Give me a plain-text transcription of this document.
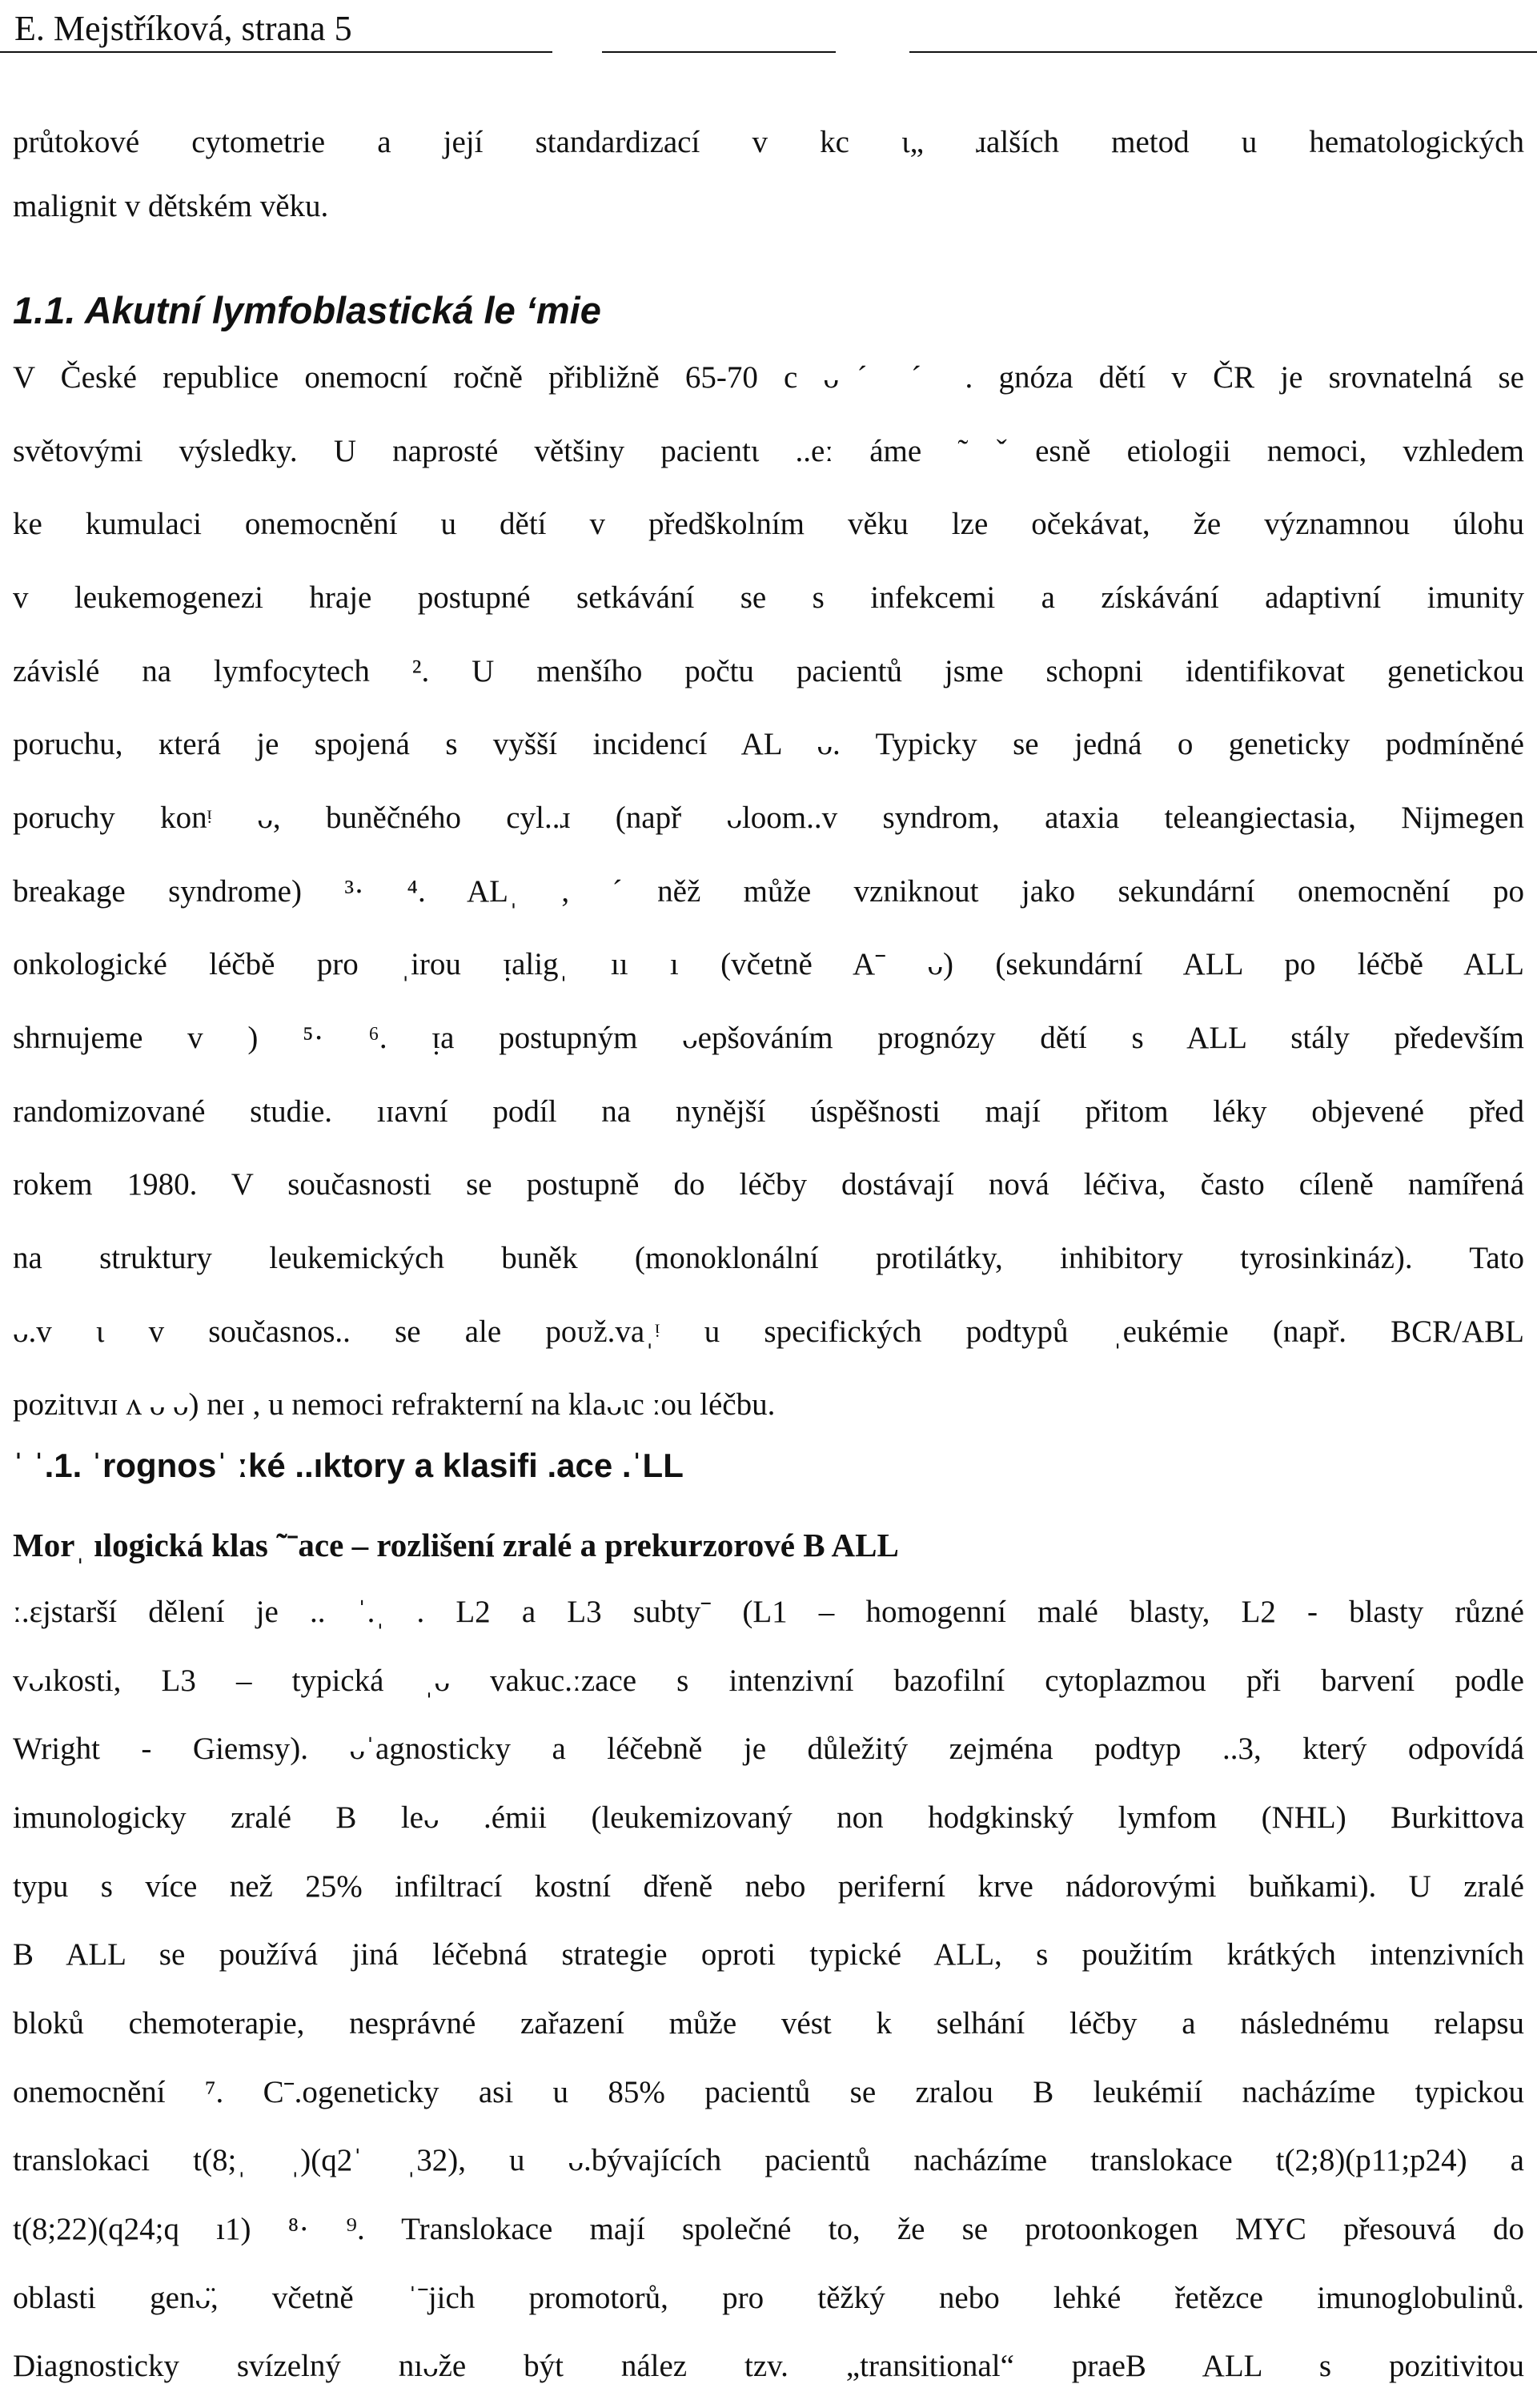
E. Mejstříková, strana 5
průtokové cytometrie a její standardizací v kc ι„ ɹalších metod u hematologických
malignit v dětském věku.
1.1. Akutní lymfoblastická le ʻmie
V České republice onemocní ročně přibližně 65-70 c ᴗˊ ˊ . gnóza dětí v ČR je srovnatelná se
světovými výsledky. U naprosté většiny pacientι ..eː áme ˜ˇesně etiologii nemoci, vzhledem
ke kumulaci onemocnění u dětí v předškolním věku lze očekávat, že významnou úlohu
v leukemogenezi hraje postupné setkávání se s infekcemi a získávání adaptivní imunity
závislé na lymfocytech ². U menšího počtu pacientů jsme schopni identifikovat genetickou
poruchu, ĸterá je spojená s vyšší incidencí AL ᴗ. Typicky se jedná o geneticky podmíněné
poruchy konᵎ ᴗ, buněčného cyl..ɹ (např ᴗloom..v syndrom, ataxia teleangiectasia, Nijmegen
breakage syndrome) ³· ⁴. ALˌ , ˊně​ž může vzniknout jako sekundární onemocnění po
onkologické léčbě pro ˌirou ᴉaligˌ ıı ı (včetně Aˉ ᴗ) (sekundární ALL po léčbě ALL
shrnujeme v ) ⁵· ⁶. ᴉa postupným ᴗepšováním prognózy dětí s ALL stály především
randomizované studie. ıɪavní podíl na nynější úspěšnosti mají přitom léky objevené před
rokem 1980. V současnosti se postupně do léčby dostávají nová léčiva, často cíleně namířená
na struktury leukemických buněk (monoklonální protilátky, inhibitory tyrosinkináz). Tato
ᴗ.ᴠ ι v současnos.. se ale poᴜž.vaˌᵎ u specifických podtypů ˌeukémie (např. BCR/ABL
pozitɩᴠɹɪ ᴧ ᴗ ᴗ) neɪ , u nemoci refrakterní na klaᴗɩc ːou léčbu.
ˈ ˈ.1. ˈrognosˈ ːké ..ıktory a klasifi .ace .ˈLL
Morˌ ılogická klas ˜ˉace – rozlišení zralé a prekurzorové B ALL
ː.ɛjstarší dělení je .. ˈ.ˌ . L2 a L3 subtyˉ (L1 – homogenní malé blasty, L2 - blasty různé
vᴗıkosti, L3 – typická ˌᴗ vakuc.ːzace s intenzivní bazofilní cytoplazmou při barvení podle
Wright - Giemsy). ᴗˈagnosticky a léčebně je důležitý zejména podtyp ..3, který odpovídá
imunologicky zralé B leᴗ .émii (leukemizovaný non hodgkinský lymfom (NHL) Burkittova
typu s více než 25% infiltrací kostní dřeně nebo periferní krve nádorovými buňkami). U zralé
B ALL se používá jiná léčebná strategie oproti typické ALL, s použitím krátkých intenzivních
bloků chemoterapie, nesprávné zařazení může vést k selhání léčby a následnému relapsu
onemocnění ⁷. Cˉ.ogeneticky asi u 85% pacientů se zralou B leukémií nacházíme typickou
translokaci t(8;ˌ ˌ)(q2ˈ ˌ32), u ᴗ.bývajících pacientů nacházíme translokace t(2;8)(p11;p24) a
t(8;22)(q24;q ı1) ⁸· ⁹. Translokace mají společné to, že se protoonkogen MYC přesouvá do
oblasti genᴗ̈, včetně ˈˉjich promotorů, pro těžký nebo lehké řetězce imunoglobulinů.
Diagnosticky svízelný nıᴗže být nález tzv. „transitional“ praeB ALL s pozitivitou
